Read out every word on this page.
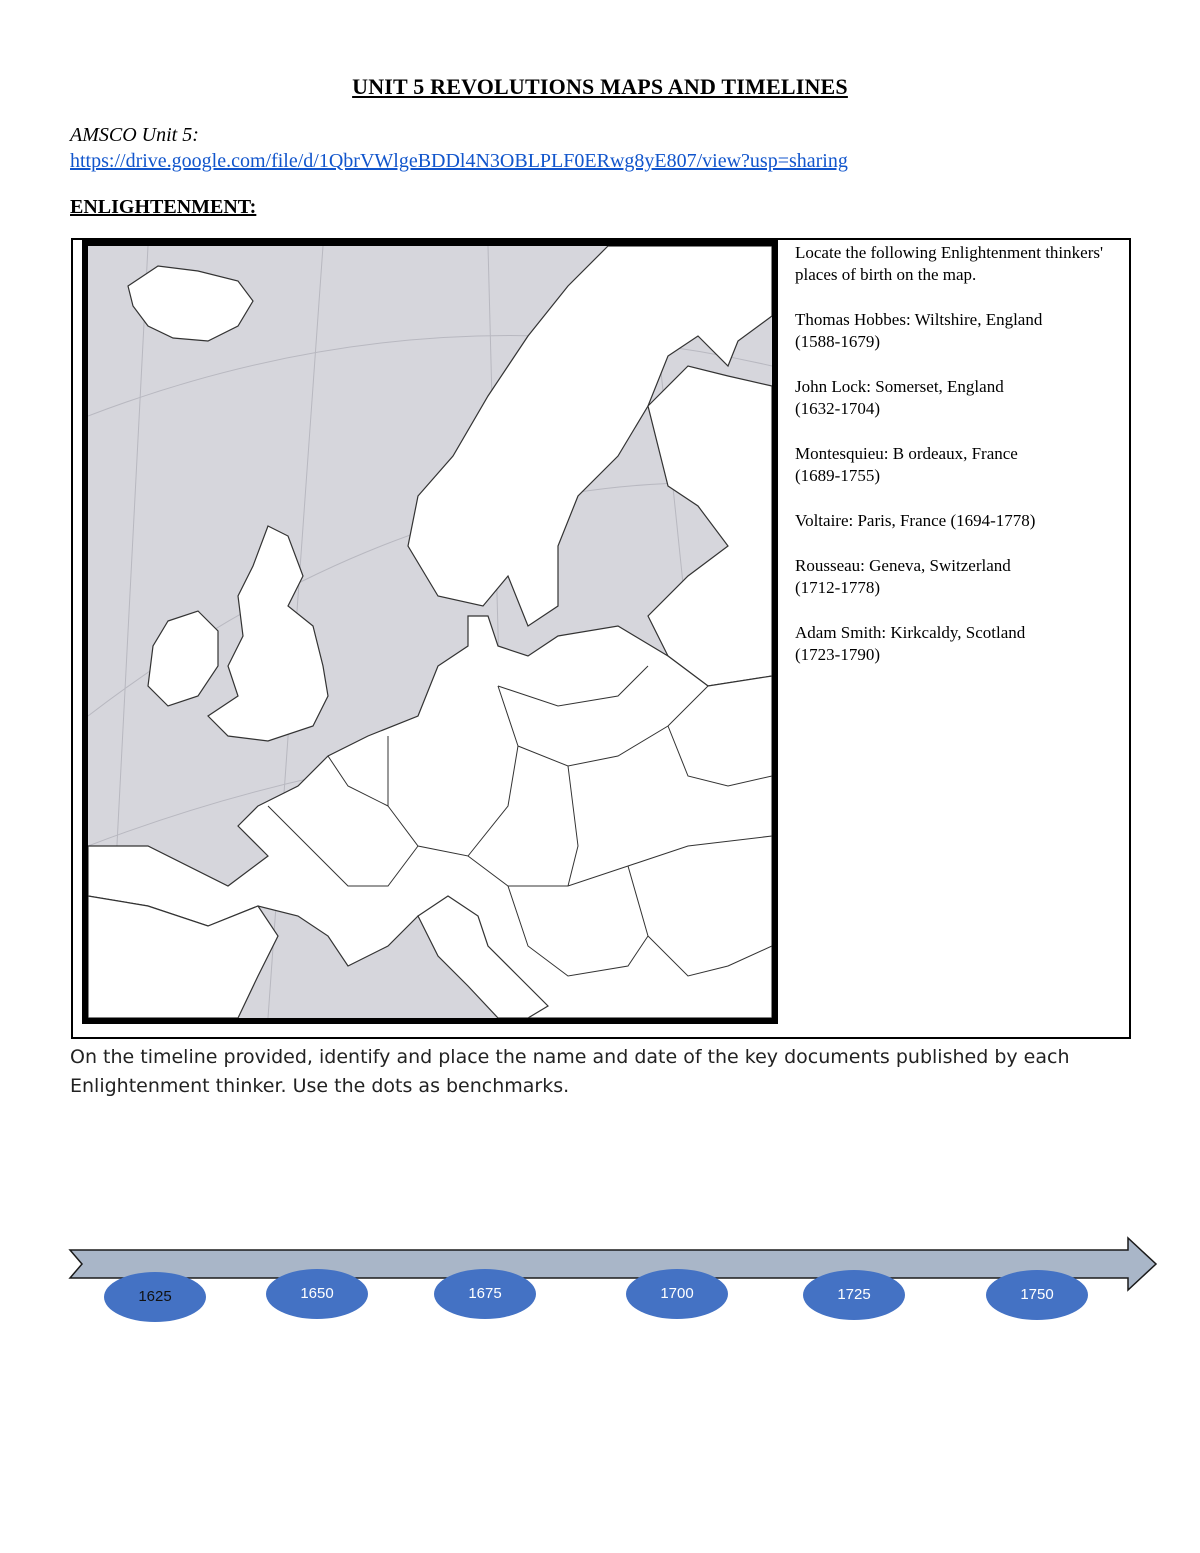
UNIT 5 REVOLUTIONS MAPS AND TIMELINES
AMSCO Unit 5:
https://drive.google.com/file/d/1QbrVWlgeBDDl4N3OBLPLF0ERwg8yE807/view?usp=sharing
ENLIGHTENMENT:

Locate the following Enlightenment thinkers' places of birth on the map.

Thomas Hobbes: Wiltshire, England
(1588-1679)

John Lock: Somerset, England
(1632-1704)

Montesquieu: B ordeaux, France
(1689-1755)

Voltaire: Paris, France (1694-1778)

Rousseau: Geneva, Switzerland
(1712-1778)

Adam Smith: Kirkcaldy, Scotland
(1723-1790)

On the timeline provided, identify and place the name and date of the key documents published by each Enlightenment thinker. Use the dots as benchmarks.
1625	1650	1675	1700	1725	1750
